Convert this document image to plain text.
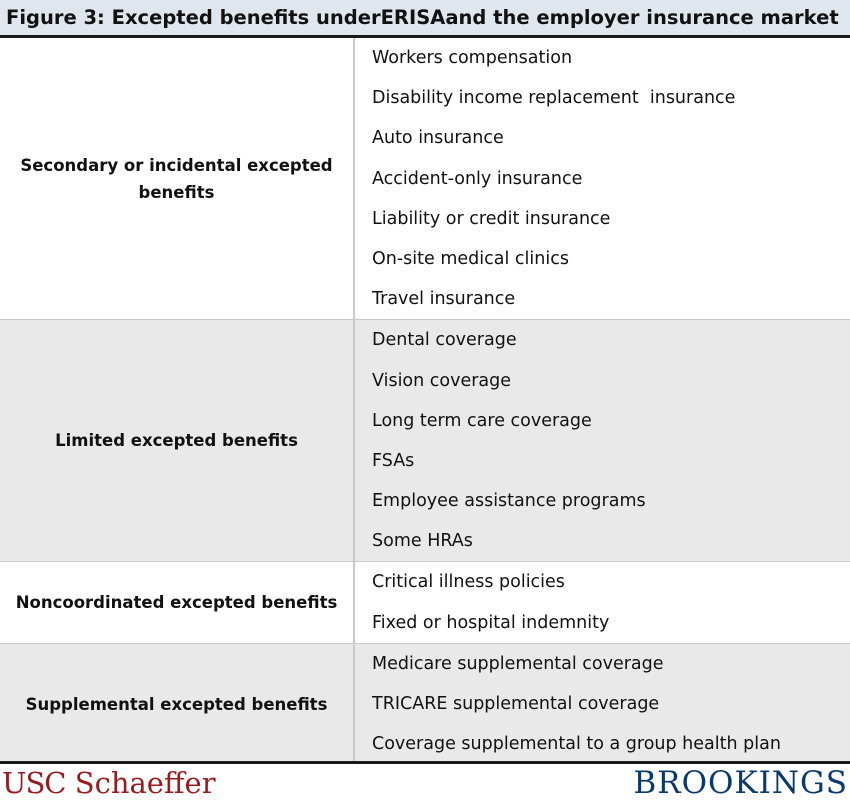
Figure 3: Excepted benefits under ERISA and the employer insurance market
Secondary or incidental excepted benefits
Workers compensation
Disability income replacement  insurance
Auto insurance
Accident-only insurance
Liability or credit insurance
On-site medical clinics
Travel insurance
Limited excepted benefits
Dental coverage
Vision coverage
Long term care coverage
FSAs
Employee assistance programs
Some HRAs
Noncoordinated excepted benefits
Critical illness policies
Fixed or hospital indemnity
Supplemental excepted benefits
Medicare supplemental coverage
TRICARE supplemental coverage
Coverage supplemental to a group health plan
USC Schaeffer	BROOKINGS
